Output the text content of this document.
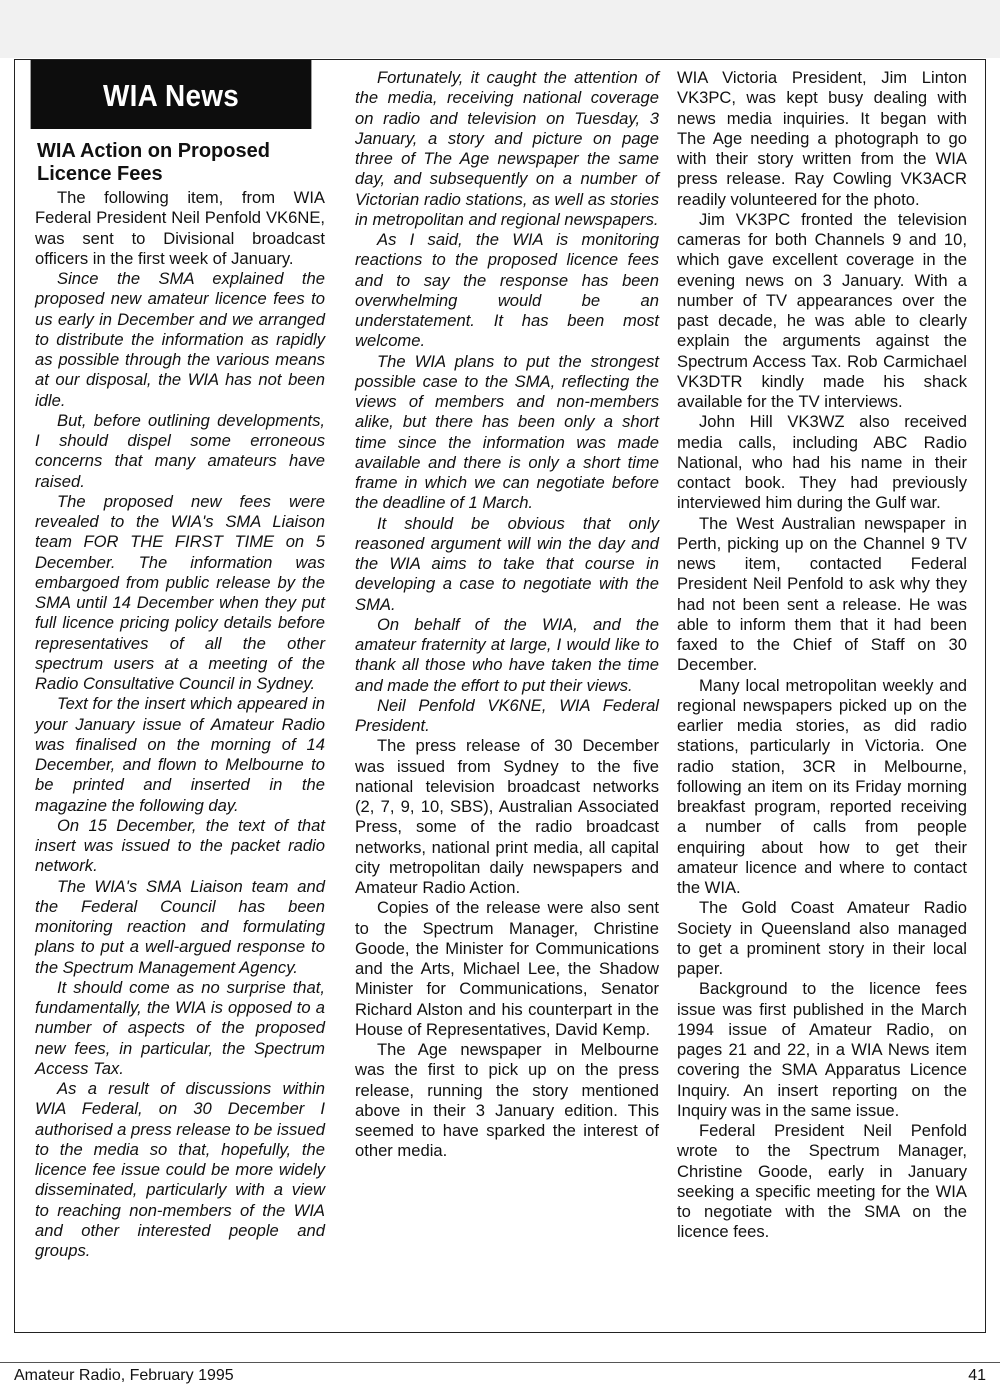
WIA News
WIA Action on Proposed Licence Fees

The following item, from WIA Federal President Neil Penfold VK6NE, was sent to Divisional broadcast officers in the first week of January.

Since the SMA explained the proposed new amateur licence fees to us early in December and we arranged to distribute the information as rapidly as possible through the various means at our disposal, the WIA has not been idle.

But, before outlining developments, I should dispel some erroneous concerns that many amateurs have raised.

The proposed new fees were revealed to the WIA's SMA Liaison team FOR THE FIRST TIME on 5 December. The information was embargoed from public release by the SMA until 14 December when they put full licence pricing policy details before representatives of all the other spectrum users at a meeting of the Radio Consultative Council in Sydney.

Text for the insert which appeared in your January issue of Amateur Radio was finalised on the morning of 14 December, and flown to Melbourne to be printed and inserted in the magazine the following day.

On 15 December, the text of that insert was issued to the packet radio network.

The WIA's SMA Liaison team and the Federal Council has been monitoring reaction and formulating plans to put a well-argued response to the Spectrum Management Agency.

It should come as no surprise that, fundamentally, the WIA is opposed to a number of aspects of the proposed new fees, in particular, the Spectrum Access Tax.

As a result of discussions within WIA Federal, on 30 December I authorised a press release to be issued to the media so that, hopefully, the licence fee issue could be more widely disseminated, particularly with a view to reaching non-members of the WIA and other interested people and groups.

Fortunately, it caught the attention of the media, receiving national coverage on radio and television on Tuesday, 3 January, a story and picture on page three of The Age newspaper the same day, and subsequently on a number of Victorian radio stations, as well as stories in metropolitan and regional newspapers.

As I said, the WIA is monitoring reactions to the proposed licence fees and to say the response has been overwhelming would be an understatement. It has been most welcome.

The WIA plans to put the strongest possible case to the SMA, reflecting the views of members and non-members alike, but there has been only a short time since the information was made available and there is only a short time frame in which we can negotiate before the deadline of 1 March.

It should be obvious that only reasoned argument will win the day and the WIA aims to take that course in developing a case to negotiate with the SMA.

On behalf of the WIA, and the amateur fraternity at large, I would like to thank all those who have taken the time and made the effort to put their views.

Neil Penfold VK6NE, WIA Federal President.

The press release of 30 December was issued from Sydney to the five national television broadcast networks (2, 7, 9, 10, SBS), Australian Associated Press, some of the radio broadcast networks, national print media, all capital city metropolitan daily newspapers and Amateur Radio Action.

Copies of the release were also sent to the Spectrum Manager, Christine Goode, the Minister for Communications and the Arts, Michael Lee, the Shadow Minister for Communications, Senator Richard Alston and his counterpart in the House of Representatives, David Kemp.

The Age newspaper in Melbourne was the first to pick up on the press release, running the story mentioned above in their 3 January edition. This seemed to have sparked the interest of other media.

WIA Victoria President, Jim Linton VK3PC, was kept busy dealing with news media inquiries. It began with The Age needing a photograph to go with their story written from the WIA press release. Ray Cowling VK3ACR readily volunteered for the photo.

Jim VK3PC fronted the television cameras for both Channels 9 and 10, which gave excellent coverage in the evening news on 3 January. With a number of TV appearances over the past decade, he was able to clearly explain the arguments against the Spectrum Access Tax. Rob Carmichael VK3DTR kindly made his shack available for the TV interviews.

John Hill VK3WZ also received media calls, including ABC Radio National, who had his name in their contact book. They had previously interviewed him during the Gulf war.

The West Australian newspaper in Perth, picking up on the Channel 9 TV news item, contacted Federal President Neil Penfold to ask why they had not been sent a release. He was able to inform them that it had been faxed to the Chief of Staff on 30 December.

Many local metropolitan weekly and regional newspapers picked up on the earlier media stories, as did radio stations, particularly in Victoria. One radio station, 3CR in Melbourne, following an item on its Friday morning breakfast program, reported receiving a number of calls from people enquiring about how to get their amateur licence and where to contact the WIA.

The Gold Coast Amateur Radio Society in Queensland also managed to get a prominent story in their local paper.

Background to the licence fees issue was first published in the March 1994 issue of Amateur Radio, on pages 21 and 22, in a WIA News item covering the SMA Apparatus Licence Inquiry. An insert reporting on the Inquiry was in the same issue.

Federal President Neil Penfold wrote to the Spectrum Manager, Christine Goode, early in January seeking a specific meeting for the WIA to negotiate with the SMA on the licence fees.

Amateur Radio, February 1995	41
